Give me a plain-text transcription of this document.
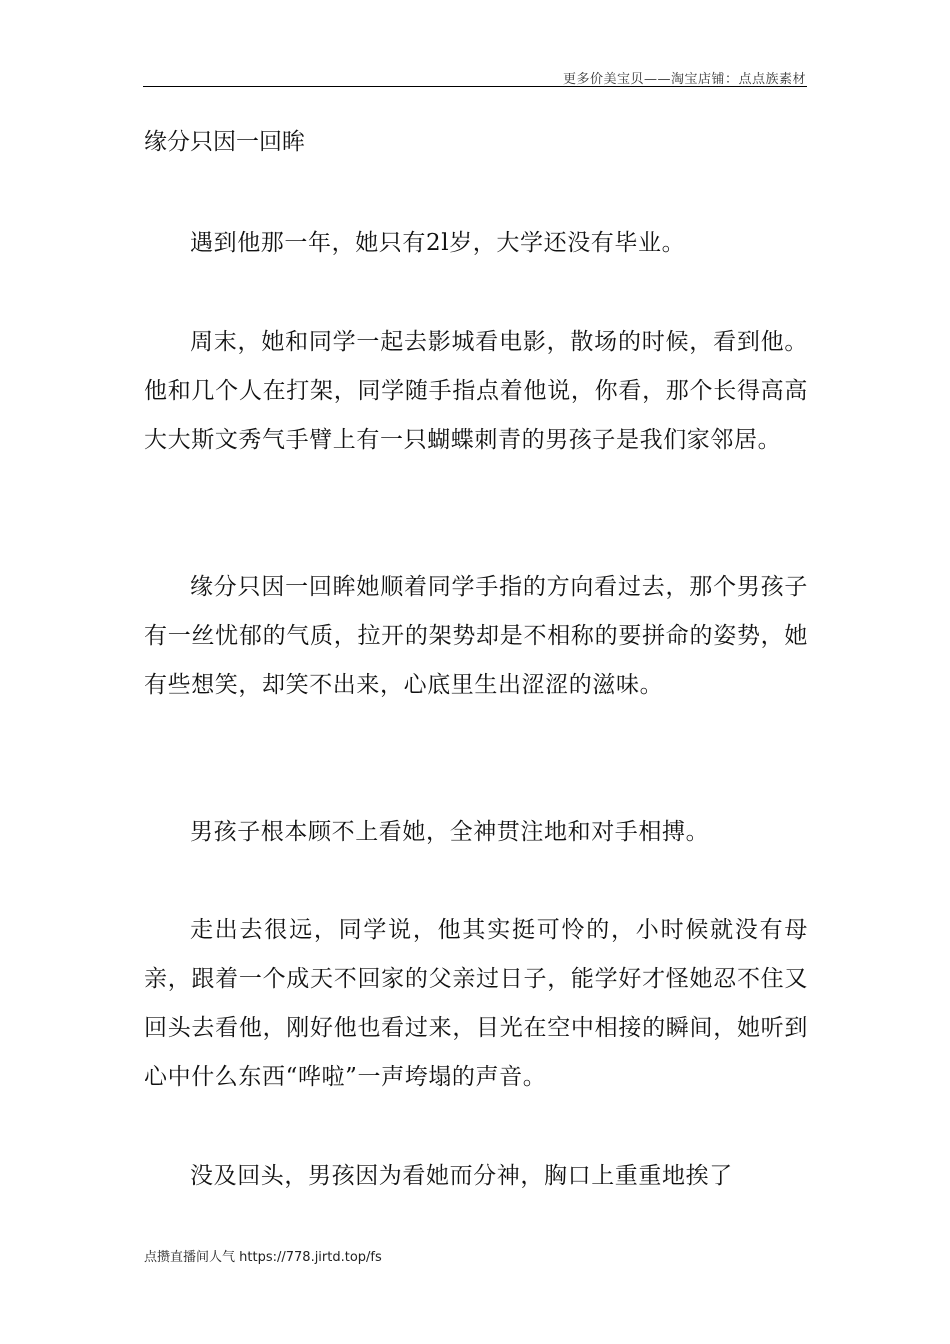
更多价美宝贝——淘宝店铺：点点族素材
缘分只因一回眸

遇到他那一年，她只有2l岁，大学还没有毕业。

周末，她和同学一起去影城看电影，散场的时候，看到他。他和几个人在打架，同学随手指点着他说，你看，那个长得高高大大斯文秀气手臂上有一只蝴蝶刺青的男孩子是我们家邻居。

缘分只因一回眸她顺着同学手指的方向看过去，那个男孩子有一丝忧郁的气质，拉开的架势却是不相称的要拼命的姿势，她有些想笑，却笑不出来，心底里生出涩涩的滋味。

男孩子根本顾不上看她，全神贯注地和对手相搏。

走出去很远，同学说，他其实挺可怜的，小时候就没有母亲，跟着一个成天不回家的父亲过日子，能学好才怪她忍不住又回头去看他，刚好他也看过来，目光在空中相接的瞬间，她听到心中什么东西“哗啦”一声垮塌的声音。

没及回头，男孩因为看她而分神，胸口上重重地挨了

点攒直播间人气 https://778.jirtd.top/fs
